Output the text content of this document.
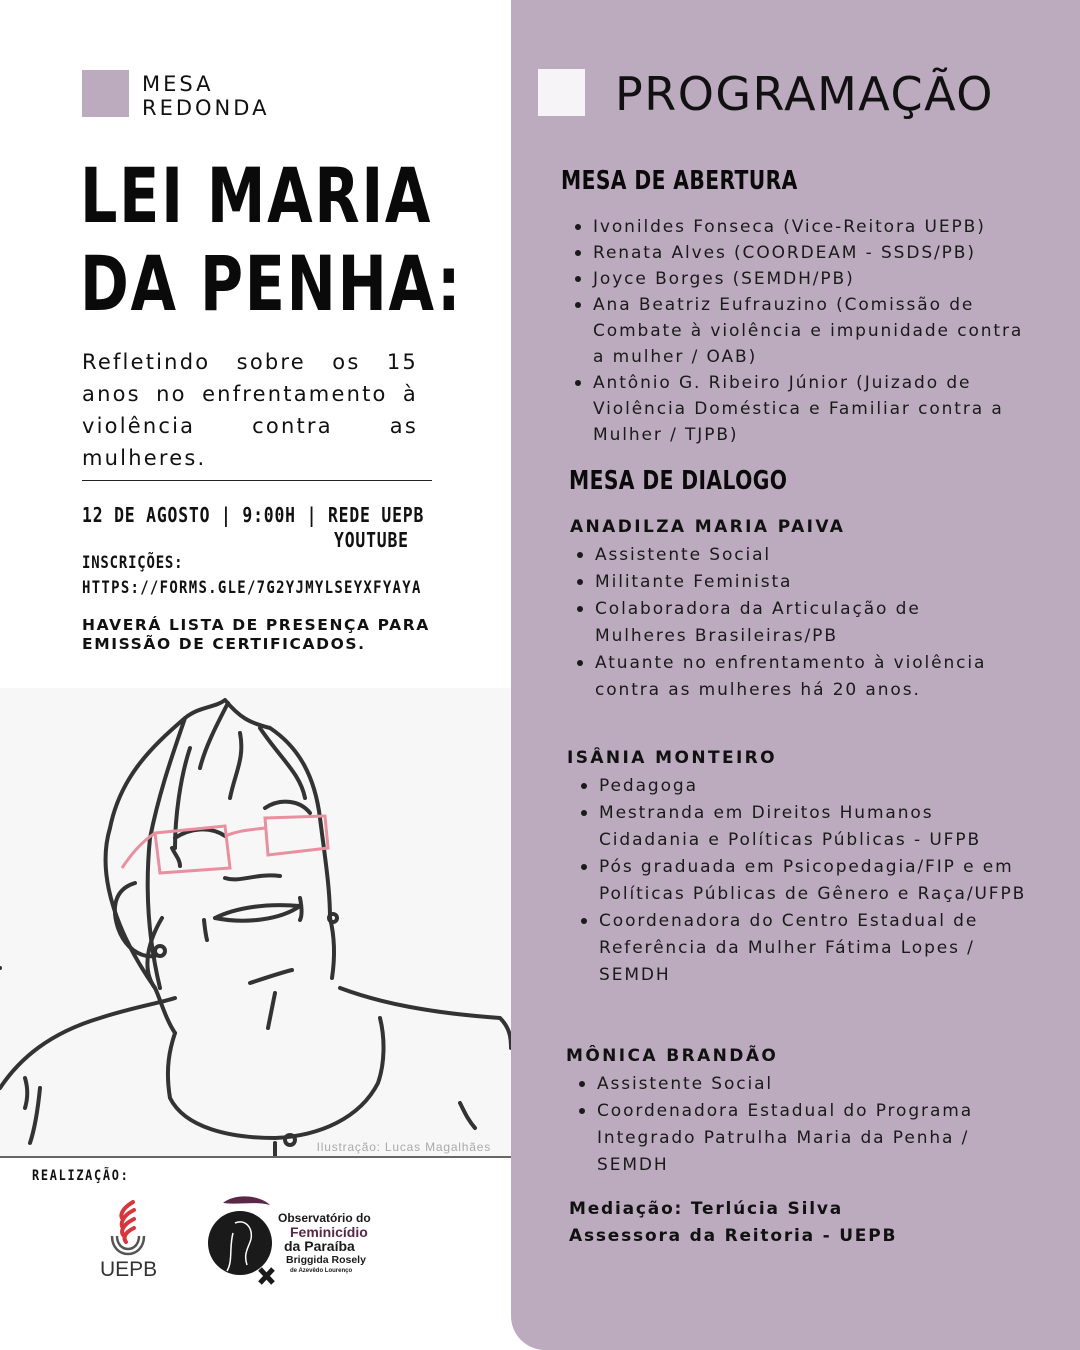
MESA
REDONDA
LEI MARIA
DA PENHA:

Refletindo sobre os 15 anos no enfrentamento à violência contra as mulheres.

12 DE AGOSTO | 9:00H | REDE UEPB
YOUTUBE
INSCRIÇÕES:
HTTPS://FORMS.GLE/7G2YJMYLSEYXFYAYA

HAVERÁ LISTA DE PRESENÇA PARA
EMISSÃO DE CERTIFICADOS.

Ilustração: Lucas Magalhães
REALIZAÇÃO:
UEPB
Observatório do
Feminicídio
da Paraíba
Briggida Rosely
de Azevêdo Lourenço
PROGRAMAÇÃO
MESA DE ABERTURA
Ivonildes Fonseca (Vice-Reitora UEPB)
Renata Alves (COORDEAM - SSDS/PB)
Joyce Borges (SEMDH/PB)
Ana Beatriz Eufrauzino (Comissão de Combate à violência e impunidade contra a mulher / OAB)
Antônio G. Ribeiro Júnior (Juizado de Violência Doméstica e Familiar contra a Mulher / TJPB)
MESA DE DIALOGO
ANADILZA MARIA PAIVA
Assistente Social
Militante Feminista
Colaboradora da Articulação de Mulheres Brasileiras/PB
Atuante no enfrentamento à violência contra as mulheres há 20 anos.
ISÂNIA MONTEIRO
Pedagoga
Mestranda em Direitos Humanos Cidadania e Políticas Públicas - UFPB
Pós graduada em Psicopedagia/FIP e em Políticas Públicas de Gênero e Raça/UFPB
Coordenadora do Centro Estadual de Referência da Mulher Fátima Lopes / SEMDH
MÔNICA BRANDÃO
Assistente Social
Coordenadora Estadual do Programa Integrado Patrulha Maria da Penha / SEMDH

Mediação: Terlúcia Silva
Assessora da Reitoria - UEPB
